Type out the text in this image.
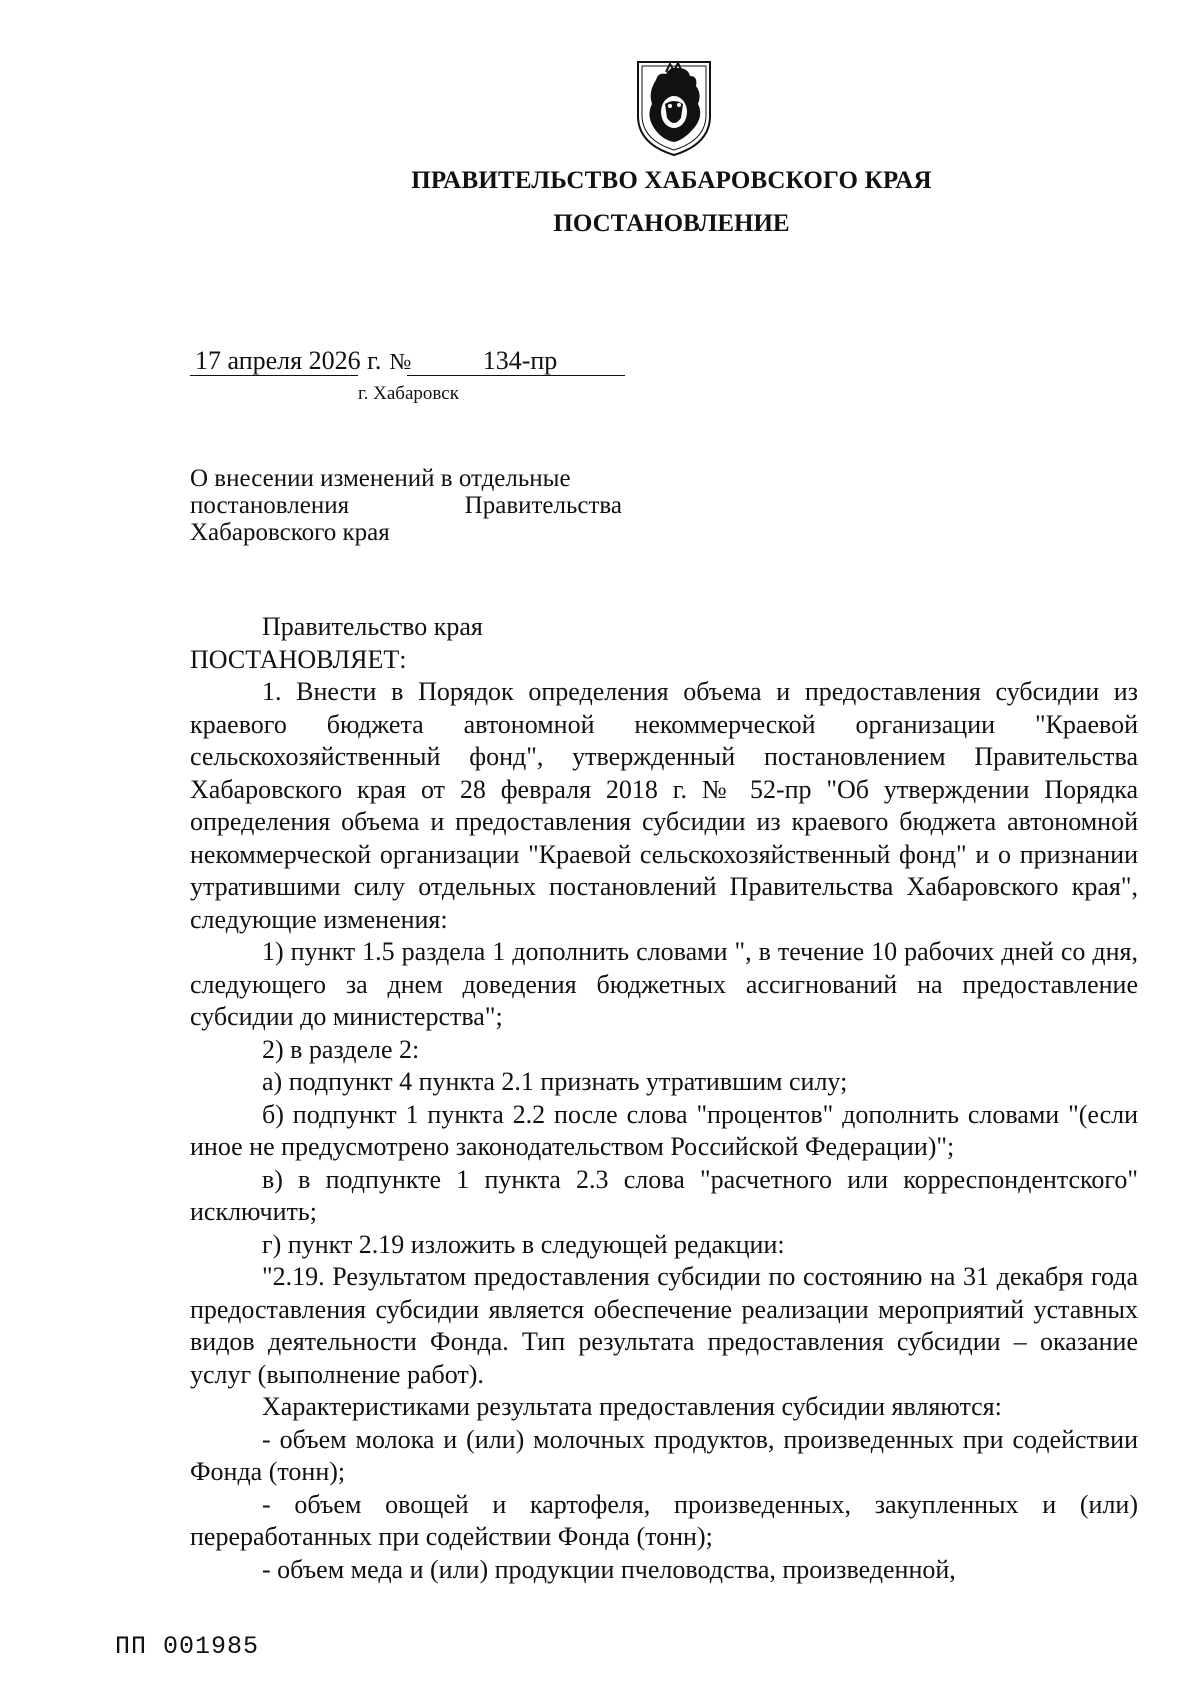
ПРАВИТЕЛЬСТВО ХАБАРОВСКОГО КРАЯ
ПОСТАНОВЛЕНИЕ
17 апреля 2026 г. №	134-пр
г. Хабаровск
О внесении изменений в отдельные
постановления Правительства
Хабаровского края

Правительство края

ПОСТАНОВЛЯЕТ:

1. Внести в Порядок определения объема и предоставления субсидии из краевого бюджета автономной некоммерческой организации "Краевой сельскохозяйственный фонд", утвержденный постановлением Правительства Хабаровского края от 28 февраля 2018 г. № 52-пр "Об утверждении Порядка определения объема и предоставления субсидии из краевого бюджета автономной некоммерческой организации "Краевой сельскохозяйственный фонд" и о признании утратившими силу отдельных постановлений Правительства Хабаровского края", следующие изменения:

1) пункт 1.5 раздела 1 дополнить словами ", в течение 10 рабочих дней со дня, следующего за днем доведения бюджетных ассигнований на предоставление субсидии до министерства";

2) в разделе 2:

а) подпункт 4 пункта 2.1 признать утратившим силу;

б) подпункт 1 пункта 2.2 после слова "процентов" дополнить словами "(если иное не предусмотрено законодательством Российской Федерации)";

в) в подпункте 1 пункта 2.3 слова "расчетного или корреспондентского" исключить;

г) пункт 2.19 изложить в следующей редакции:

"2.19. Результатом предоставления субсидии по состоянию на 31 декабря года предоставления субсидии является обеспечение реализации мероприятий уставных видов деятельности Фонда. Тип результата предоставления субсидии – оказание услуг (выполнение работ).

Характеристиками результата предоставления субсидии являются:

- объем молока и (или) молочных продуктов, произведенных при содействии Фонда (тонн);

- объем овощей и картофеля, произведенных, закупленных и (или) переработанных при содействии Фонда (тонн);

- объем меда и (или) продукции пчеловодства, произведенной,

ПП 001985
